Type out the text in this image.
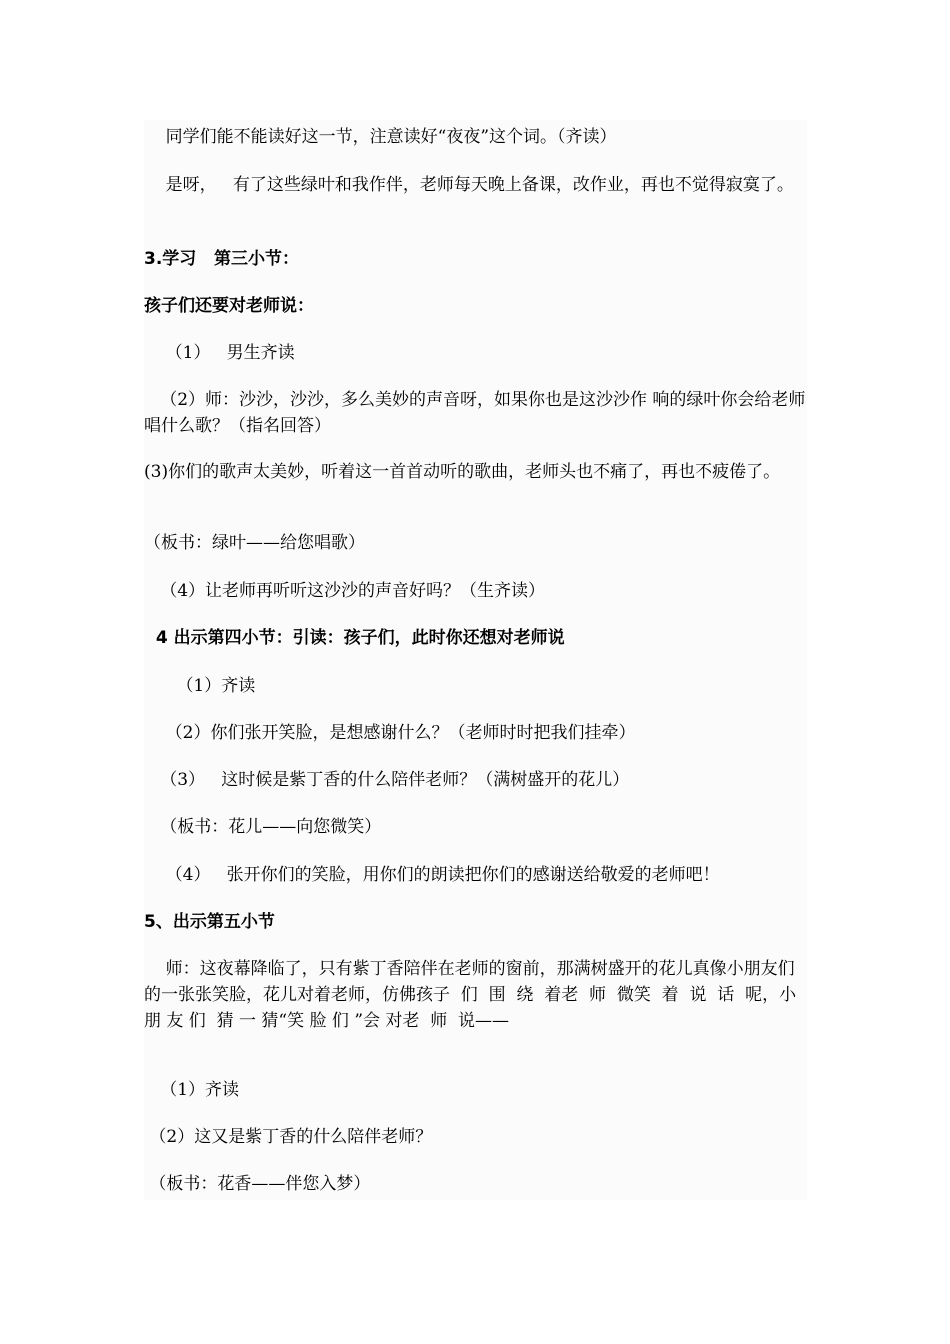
同学们能不能读好这一节，注意读好“夜夜”这个词。（齐读）

是呀，   有了这些绿叶和我作伴，老师每天晚上备课，改作业，再也不觉得寂寞了。

3.学习   第三小节：

孩子们还要对老师说：

（1）   男生齐读

（2）师：沙沙，沙沙，多么美妙的声音呀，如果你也是这沙沙作 响的绿叶你会给老师唱什么歌？（指名回答）

(3)你们的歌声太美妙，听着这一首首动听的歌曲，老师头也不痛了，再也不疲倦了。

（板书：绿叶——给您唱歌）

（4）让老师再听听这沙沙的声音好吗？（生齐读）

4 出示第四小节：引读：孩子们，此时你还想对老师说

（1）齐读

（2）你们张开笑脸，是想感谢什么？（老师时时把我们挂牵）

（3）   这时候是紫丁香的什么陪伴老师？（满树盛开的花儿）

（板书：花儿——向您微笑）

（4）   张开你们的笑脸，用你们的朗读把你们的感谢送给敬爱的老师吧！

5、出示第五小节

师：这夜幕降临了，只有紫丁香陪伴在老师的窗前，那满树盛开的花儿真像小朋友们的一张张笑脸，花儿对着老师，仿佛孩子  们  围  绕  着老  师  微笑  着  说  话  呢，小 朋 友 们  猜 一 猜“笑 脸 们 ”会 对老  师  说——

（1）齐读

（2）这又是紫丁香的什么陪伴老师？

（板书：花香——伴您入梦）
